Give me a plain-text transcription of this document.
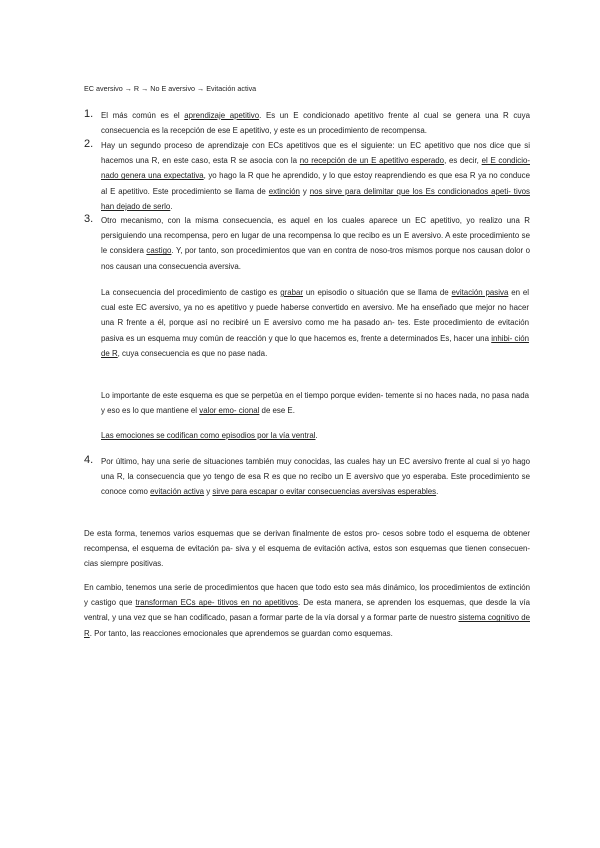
EC aversivo → R → No E aversivo → Evitación activa
1. El más común es el aprendizaje apetitivo. Es un E condicionado apetitivo frente al cual se genera una R cuya consecuencia es la recepción de ese E apetitivo, y este es un procedimiento de recompensa.
2. Hay un segundo proceso de aprendizaje con ECs apetitivos que es el siguiente: un EC apetitivo que nos dice que si hacemos una R, en este caso, esta R se asocia con la no recepción de un E apetitivo esperado, es decir, el E condicio- nado genera una expectativa, yo hago la R que he aprendido, y lo que estoy reaprendiendo es que esa R ya no conduce al E apetitivo. Este procedimiento se llama de extinción y nos sirve para delimitar que los Es condicionados apeti- tivos han dejado de serlo.
3. Otro mecanismo, con la misma consecuencia, es aquel en los cuales aparece un EC apetitivo, yo realizo una R persiguiendo una recompensa, pero en lugar de una recompensa lo que recibo es un E aversivo. A este procedimiento se le considera castigo. Y, por tanto, son procedimientos que van en contra de noso-tros mismos porque nos causan dolor o nos causan una consecuencia aversiva.
La consecuencia del procedimiento de castigo es grabar un episodio o situación que se llama de evitación pasiva en el cual este EC aversivo, ya no es apetitivo y puede haberse convertido en aversivo. Me ha enseñado que mejor no hacer una R frente a él, porque así no recibiré un E aversivo como me ha pasado an- tes. Este procedimiento de evitación pasiva es un esquema muy común de reacción y que lo que hacemos es, frente a determinados Es, hacer una inhibi- ción de R, cuya consecuencia es que no pase nada.
Lo importante de este esquema es que se perpetúa en el tiempo porque eviden- temente si no haces nada, no pasa nada y eso es lo que mantiene el valor emo- cional de ese E.
Las emociones se codifican como episodios por la vía ventral.
4. Por último, hay una serie de situaciones también muy conocidas, las cuales hay un EC aversivo frente al cual si yo hago una R, la consecuencia que yo tengo de esa R es que no recibo un E aversivo que yo esperaba. Este procedimiento se conoce como evitación activa y sirve para escapar o evitar consecuencias aversivas esperables.
De esta forma, tenemos varios esquemas que se derivan finalmente de estos pro- cesos sobre todo el esquema de obtener recompensa, el esquema de evitación pa- siva y el esquema de evitación activa, estos son esquemas que tienen consecuen- cias siempre positivas.
En cambio, tenemos una serie de procedimientos que hacen que todo esto sea más dinámico, los procedimientos de extinción y castigo que transforman ECs ape- titivos en no apetitivos. De esta manera, se aprenden los esquemas, que desde la vía ventral, y una vez que se han codificado, pasan a formar parte de la vía dorsal y a formar parte de nuestro sistema cognitivo de R. Por tanto, las reacciones emocionales que aprendemos se guardan como esquemas.
